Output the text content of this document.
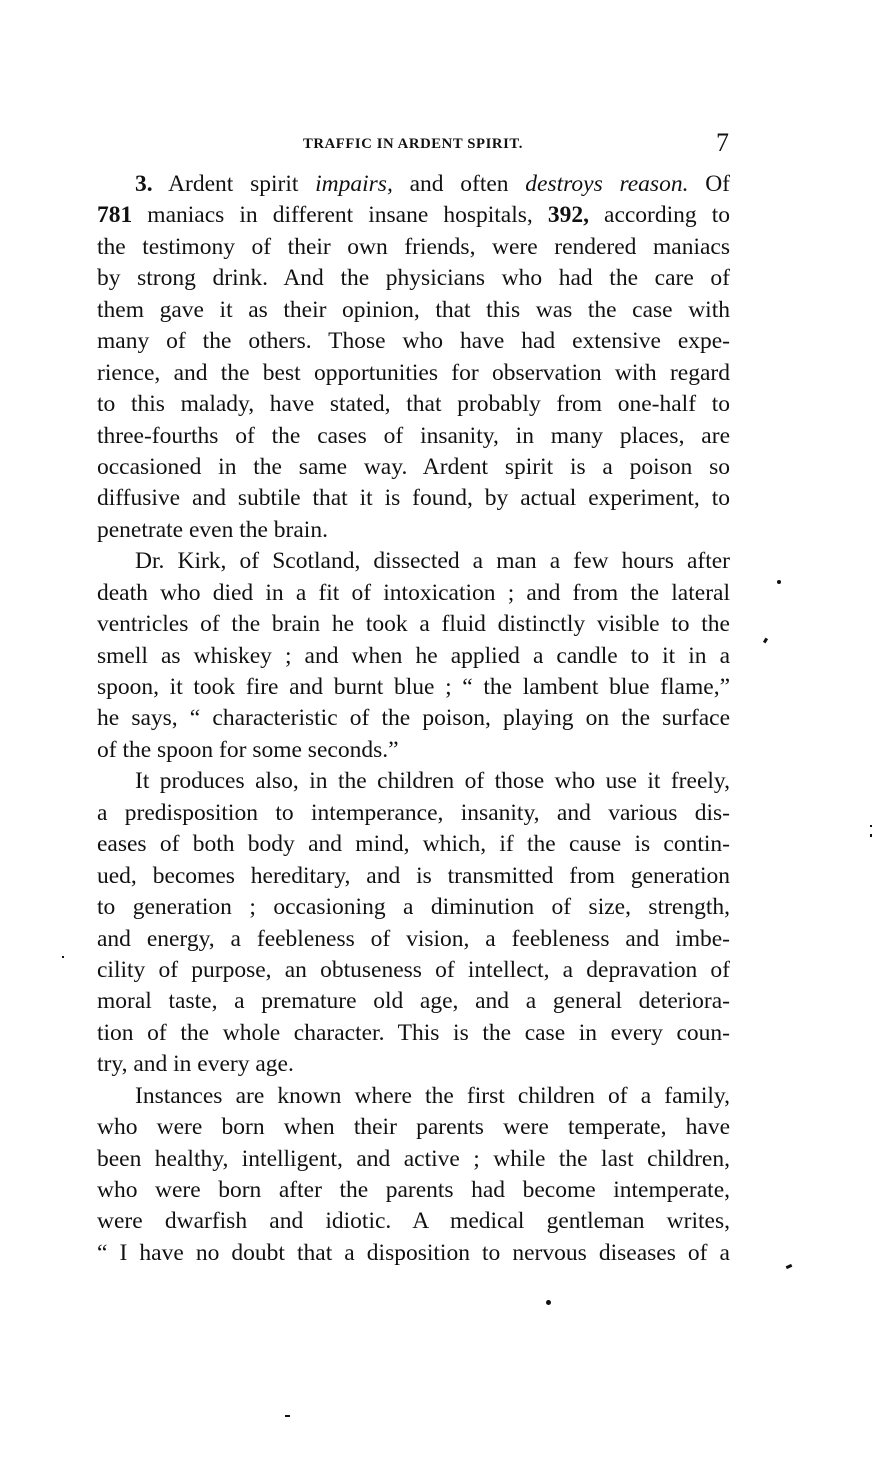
TRAFFIC IN ARDENT SPIRIT.	7
3. Ardent spirit impairs, and often destroys reason. Of
781 maniacs in different insane hospitals, 392, according to
the testimony of their own friends, were rendered maniacs
by strong drink. And the physicians who had the care of
them gave it as their opinion, that this was the case with
many of the others. Those who have had extensive expe-
rience, and the best opportunities for observation with regard
to this malady, have stated, that probably from one-half to
three-fourths of the cases of insanity, in many places, are
occasioned in the same way. Ardent spirit is a poison so
diffusive and subtile that it is found, by actual experiment, to
penetrate even the brain.
Dr. Kirk, of Scotland, dissected a man a few hours after
death who died in a fit of intoxication ; and from the lateral
ventricles of the brain he took a fluid distinctly visible to the
smell as whiskey ; and when he applied a candle to it in a
spoon, it took fire and burnt blue ; “ the lambent blue flame,”
he says, “ characteristic of the poison, playing on the surface
of the spoon for some seconds.”
It produces also, in the children of those who use it freely,
a predisposition to intemperance, insanity, and various dis-
eases of both body and mind, which, if the cause is contin-
ued, becomes hereditary, and is transmitted from generation
to generation ; occasioning a diminution of size, strength,
and energy, a feebleness of vision, a feebleness and imbe-
cility of purpose, an obtuseness of intellect, a depravation of
moral taste, a premature old age, and a general deteriora-
tion of the whole character. This is the case in every coun-
try, and in every age.
Instances are known where the first children of a family,
who were born when their parents were temperate, have
been healthy, intelligent, and active ; while the last children,
who were born after the parents had become intemperate,
were dwarfish and idiotic. A medical gentleman writes,
“ I have no doubt that a disposition to nervous diseases of a
